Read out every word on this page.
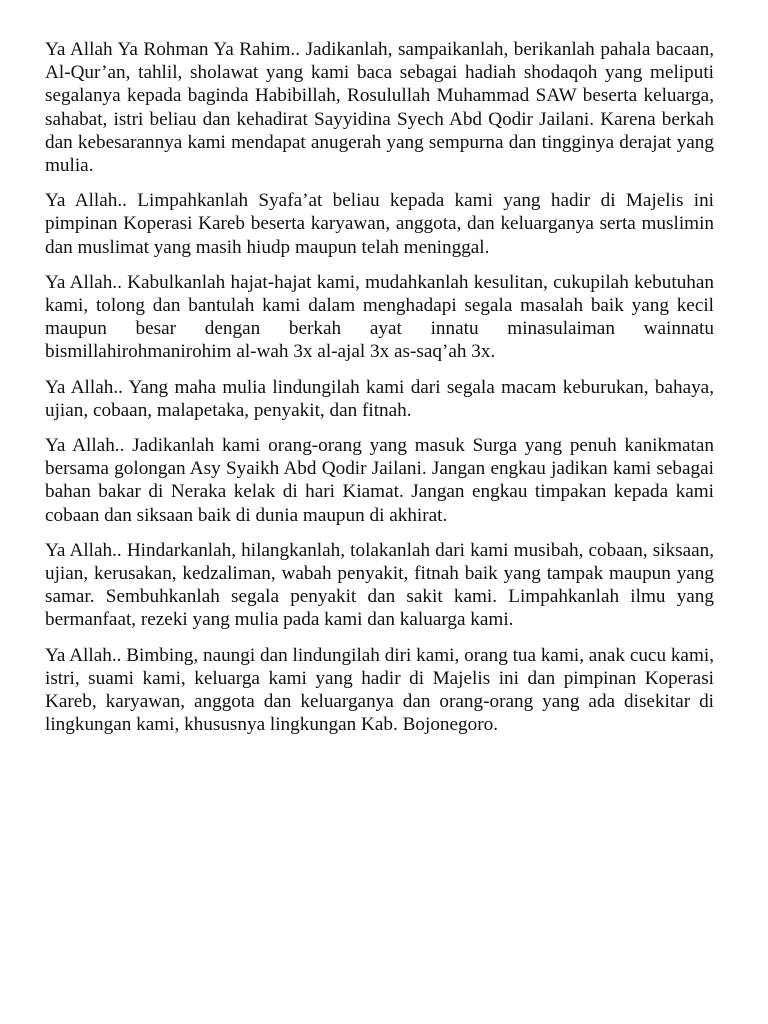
Ya Allah Ya Rohman Ya Rahim.. Jadikanlah, sampaikanlah, berikanlah pahala bacaan, Al-Qur’an, tahlil, sholawat yang kami baca sebagai hadiah shodaqoh yang meliputi segalanya kepada baginda Habibillah, Rosulullah Muhammad SAW beserta keluarga, sahabat, istri beliau dan kehadirat Sayyidina Syech Abd Qodir Jailani. Karena berkah dan kebesarannya kami mendapat anugerah yang sempurna dan tingginya derajat yang mulia.

Ya Allah.. Limpahkanlah Syafa’at beliau kepada kami yang hadir di Majelis ini pimpinan Koperasi Kareb beserta karyawan, anggota, dan keluarganya serta muslimin dan muslimat yang masih hiudp maupun telah meninggal.

Ya Allah.. Kabulkanlah hajat-hajat kami, mudahkanlah kesulitan, cukupilah kebutuhan kami, tolong dan bantulah kami dalam menghadapi segala masalah baik yang kecil maupun besar dengan berkah ayat innatu minasulaiman wainnatu bismillahirohmanirohim al-wah 3x al-ajal 3x as-saq’ah 3x.

Ya Allah.. Yang maha mulia lindungilah kami dari segala macam keburukan, bahaya, ujian, cobaan, malapetaka, penyakit, dan fitnah.

Ya Allah.. Jadikanlah kami orang-orang yang masuk Surga yang penuh kanikmatan bersama golongan Asy Syaikh Abd Qodir Jailani. Jangan engkau jadikan kami sebagai bahan bakar di Neraka kelak di hari Kiamat. Jangan engkau timpakan kepada kami cobaan dan siksaan baik di dunia maupun di akhirat.

Ya Allah.. Hindarkanlah, hilangkanlah, tolakanlah dari kami musibah, cobaan, siksaan, ujian, kerusakan, kedzaliman, wabah penyakit, fitnah baik yang tampak maupun yang samar. Sembuhkanlah segala penyakit dan sakit kami. Limpahkanlah ilmu yang bermanfaat, rezeki yang mulia pada kami dan kaluarga kami.

Ya Allah.. Bimbing, naungi dan lindungilah diri kami, orang tua kami, anak cucu kami, istri, suami kami, keluarga kami yang hadir di Majelis ini dan pimpinan Koperasi Kareb, karyawan, anggota dan keluarganya dan orang-orang yang ada disekitar di lingkungan kami, khususnya lingkungan Kab. Bojonegoro.
